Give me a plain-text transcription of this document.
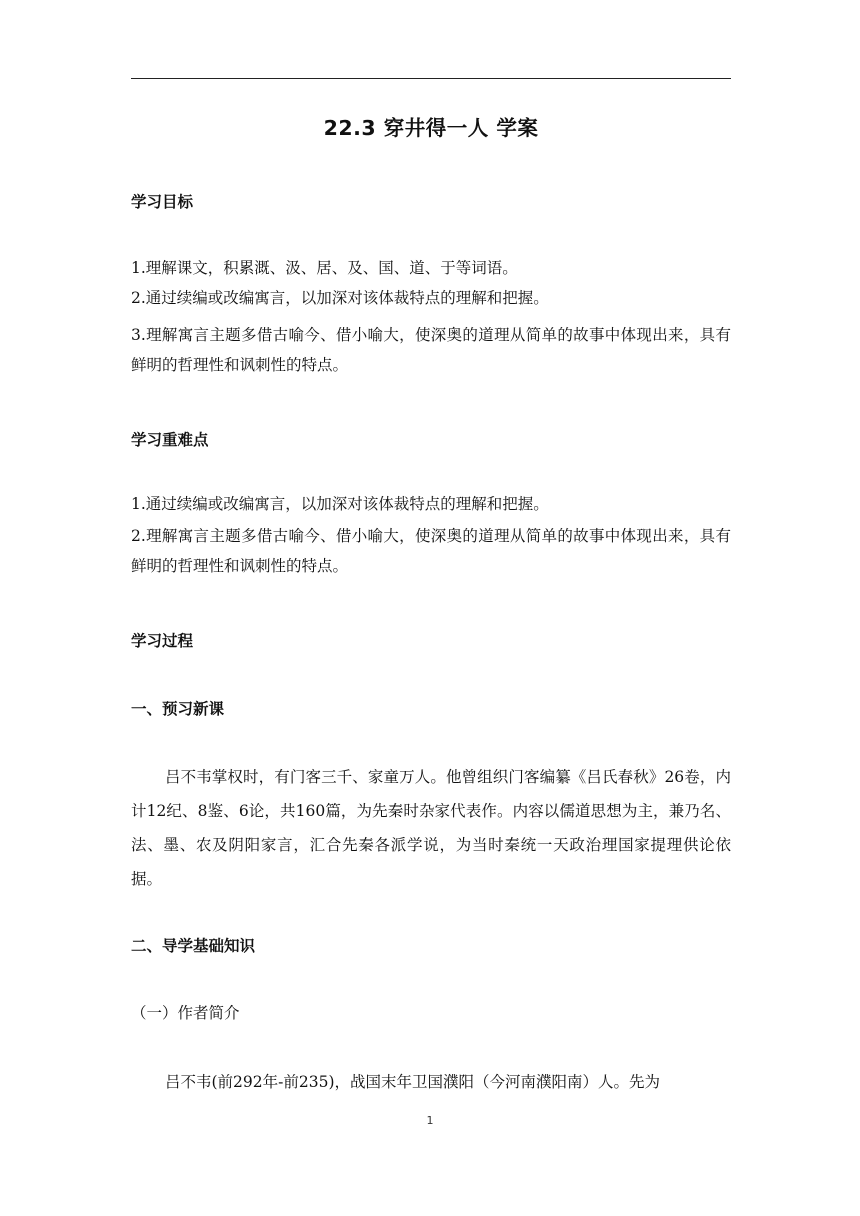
22.3 穿井得一人 学案
学习目标
1.理解课文，积累溉、汲、居、及、国、道、于等词语。
2.通过续编或改编寓言，以加深对该体裁特点的理解和把握。
3.理解寓言主题多借古喻今、借小喻大，使深奥的道理从简单的故事中体现出来，具有鲜明的哲理性和讽刺性的特点。
学习重难点
1.通过续编或改编寓言，以加深对该体裁特点的理解和把握。
2.理解寓言主题多借古喻今、借小喻大，使深奥的道理从简单的故事中体现出来，具有鲜明的哲理性和讽刺性的特点。
学习过程
一、预习新课
吕不韦掌权时，有门客三千、家童万人。他曾组织门客编纂《吕氏春秋》26卷，内计12纪、8鉴、6论，共160篇，为先秦时杂家代表作。内容以儒道思想为主，兼乃名、法、墨、农及阴阳家言，汇合先秦各派学说，为当时秦统一天政治理国家提理供论依据。
二、导学基础知识
（一）作者简介
吕不韦(前292年-前235)，战国末年卫国濮阳（今河南濮阳南）人。先为
1
